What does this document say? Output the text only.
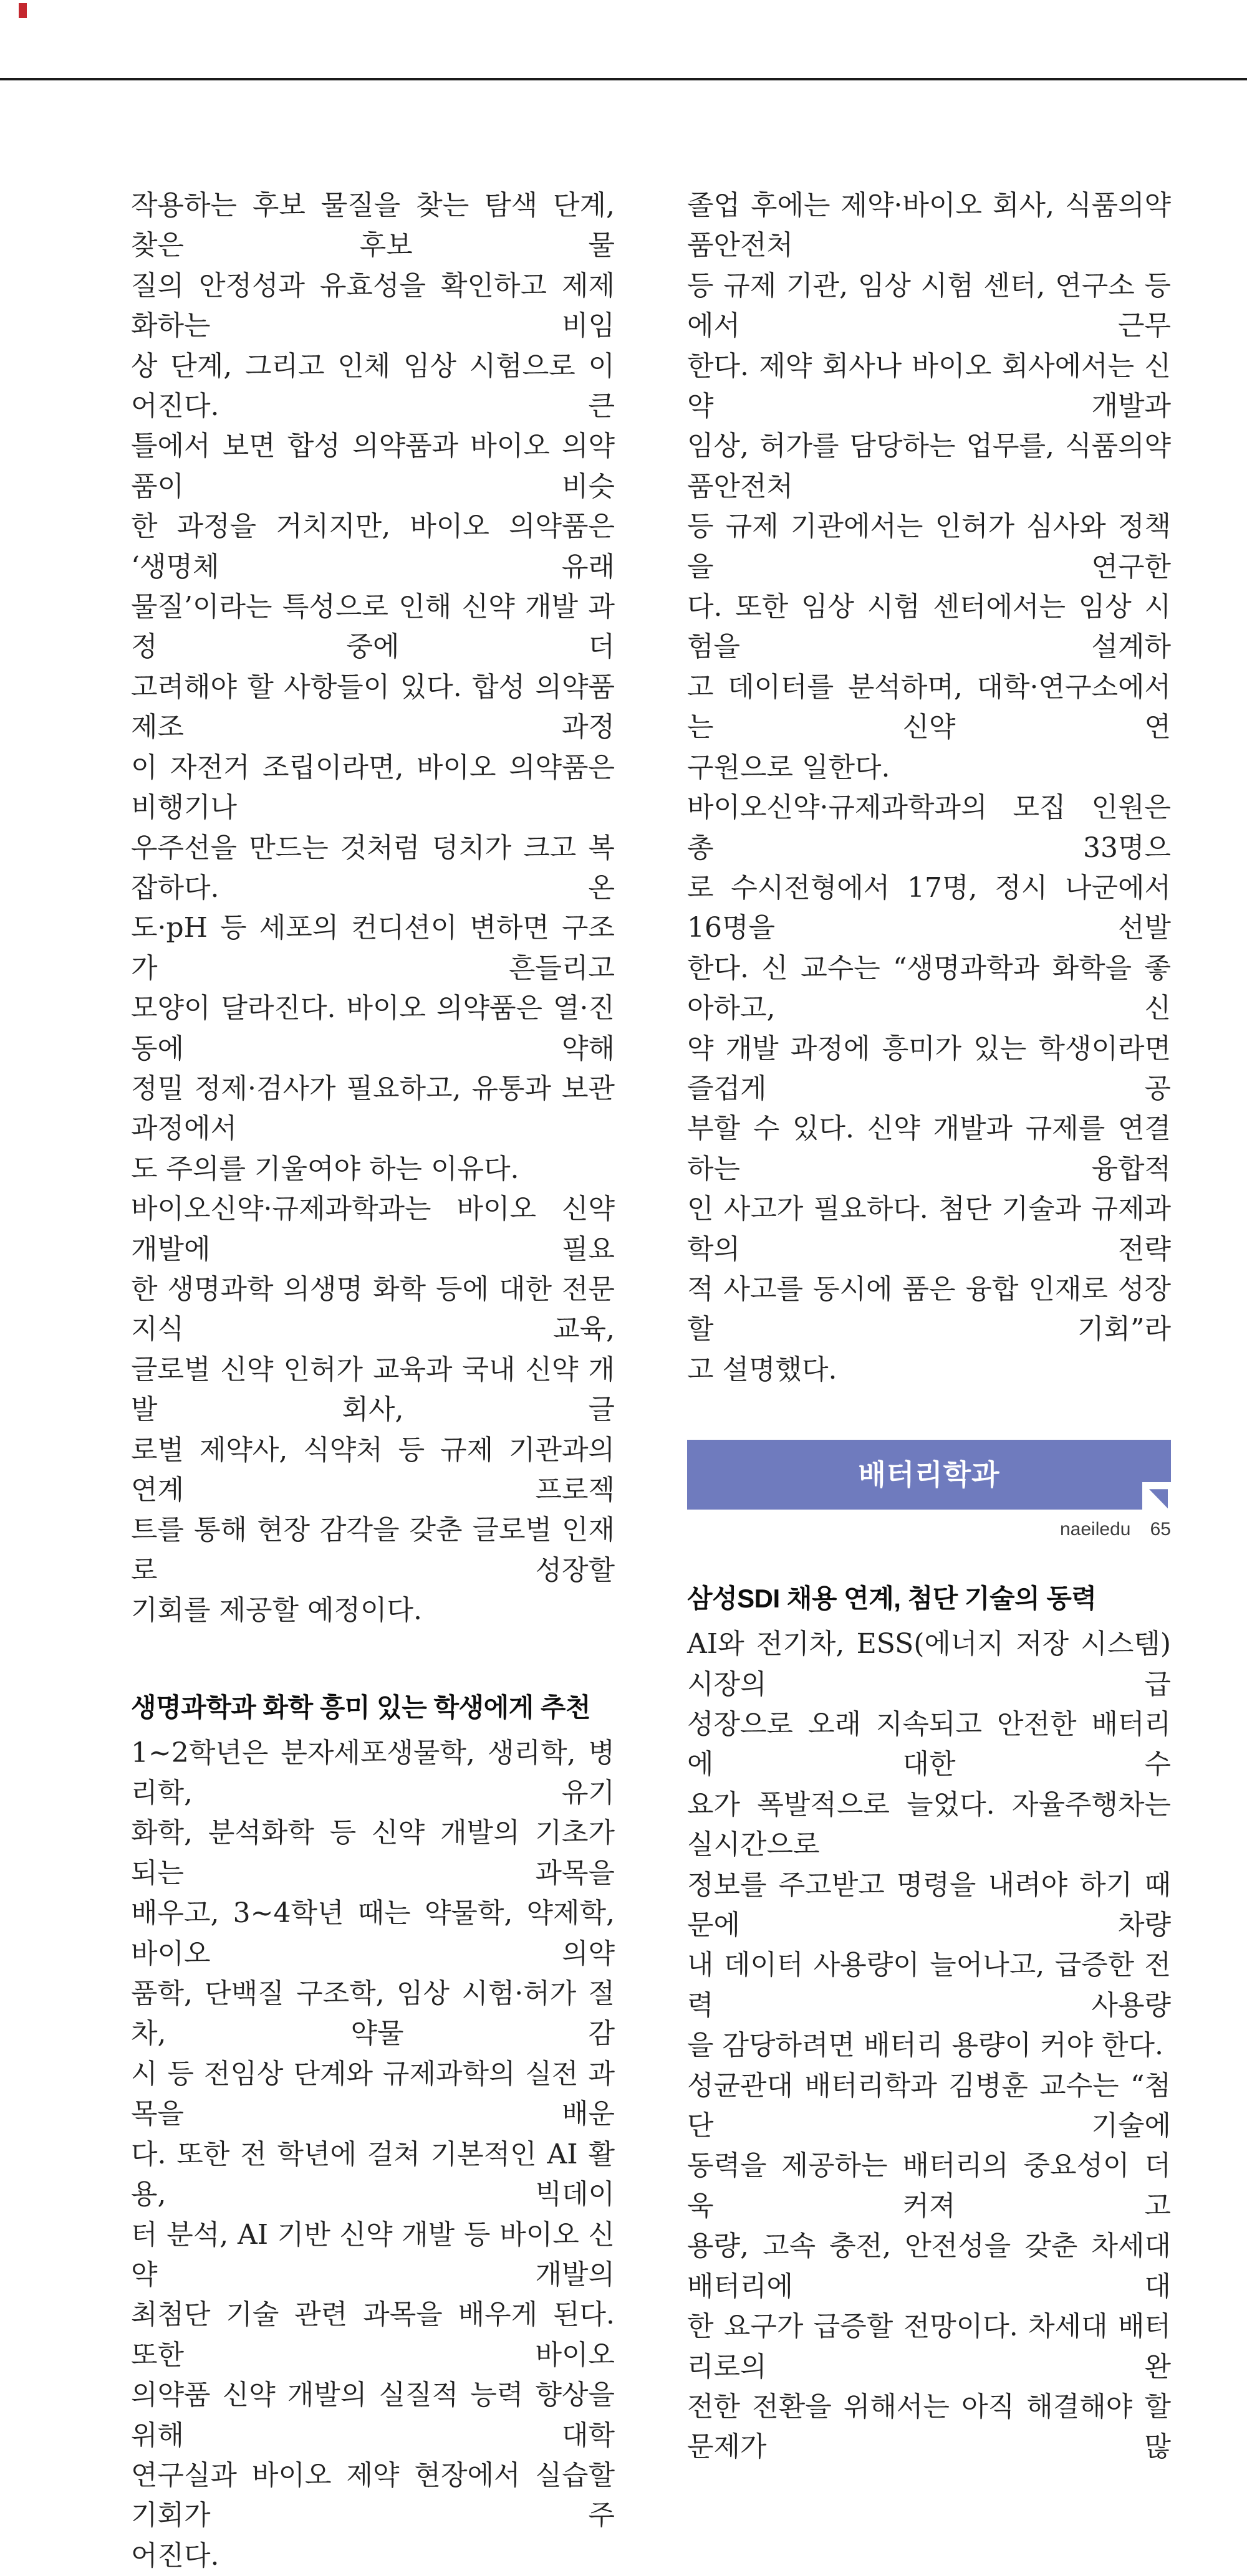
작용하는 후보 물질을 찾는 탐색 단계, 찾은 후보 물
질의 안정성과 유효성을 확인하고 제제화하는 비임
상 단계, 그리고 인체 임상 시험으로 이어진다. 큰
틀에서 보면 합성 의약품과 바이오 의약품이 비슷
한 과정을 거치지만, 바이오 의약품은 ‘생명체 유래
물질’이라는 특성으로 인해 신약 개발 과정 중에 더
고려해야 할 사항들이 있다. 합성 의약품 제조 과정
이 자전거 조립이라면, 바이오 의약품은 비행기나
우주선을 만드는 것처럼 덩치가 크고 복잡하다. 온
도·pH 등 세포의 컨디션이 변하면 구조가 흔들리고
모양이 달라진다. 바이오 의약품은 열·진동에 약해
정밀 정제·검사가 필요하고, 유통과 보관 과정에서
도 주의를 기울여야 하는 이유다.
바이오신약·규제과학과는 바이오 신약 개발에 필요
한 생명과학 의생명 화학 등에 대한 전문 지식 교육,
글로벌 신약 인허가 교육과 국내 신약 개발 회사, 글
로벌 제약사, 식약처 등 규제 기관과의 연계 프로젝
트를 통해 현장 감각을 갖춘 글로벌 인재로 성장할
기회를 제공할 예정이다.
생명과학과 화학 흥미 있는 학생에게 추천
1~2학년은 분자세포생물학, 생리학, 병리학, 유기
화학, 분석화학 등 신약 개발의 기초가 되는 과목을
배우고, 3~4학년 때는 약물학, 약제학, 바이오 의약
품학, 단백질 구조학, 임상 시험·허가 절차, 약물 감
시 등 전임상 단계와 규제과학의 실전 과목을 배운
다. 또한 전 학년에 걸쳐 기본적인 AI 활용, 빅데이
터 분석, AI 기반 신약 개발 등 바이오 신약 개발의
최첨단 기술 관련 과목을 배우게 된다. 또한 바이오
의약품 신약 개발의 실질적 능력 향상을 위해 대학
연구실과 바이오 제약 현장에서 실습할 기회가 주
어진다.
졸업 후에는 제약·바이오 회사, 식품의약품안전처
등 규제 기관, 임상 시험 센터, 연구소 등에서 근무
한다. 제약 회사나 바이오 회사에서는 신약 개발과
임상, 허가를 담당하는 업무를, 식품의약품안전처
등 규제 기관에서는 인허가 심사와 정책을 연구한
다. 또한 임상 시험 센터에서는 임상 시험을 설계하
고 데이터를 분석하며, 대학·연구소에서는 신약 연
구원으로 일한다.
바이오신약·규제과학과의 모집 인원은 총 33명으
로 수시전형에서 17명, 정시 나군에서 16명을 선발
한다. 신 교수는 “생명과학과 화학을 좋아하고, 신
약 개발 과정에 흥미가 있는 학생이라면 즐겁게 공
부할 수 있다. 신약 개발과 규제를 연결하는 융합적
인 사고가 필요하다. 첨단 기술과 규제과학의 전략
적 사고를 동시에 품은 융합 인재로 성장할 기회”라
고 설명했다.
배터리학과
삼성SDI 채용 연계, 첨단 기술의 동력
AI와 전기차, ESS(에너지 저장 시스템) 시장의 급
성장으로 오래 지속되고 안전한 배터리에 대한 수
요가 폭발적으로 늘었다. 자율주행차는 실시간으로
정보를 주고받고 명령을 내려야 하기 때문에 차량
내 데이터 사용량이 늘어나고, 급증한 전력 사용량
을 감당하려면 배터리 용량이 커야 한다.
성균관대 배터리학과 김병훈 교수는 “첨단 기술에
동력을 제공하는 배터리의 중요성이 더욱 커져 고
용량, 고속 충전, 안전성을 갖춘 차세대 배터리에 대
한 요구가 급증할 전망이다. 차세대 배터리로의 완
전한 전환을 위해서는 아직 해결해야 할 문제가 많
naeiledu 65
